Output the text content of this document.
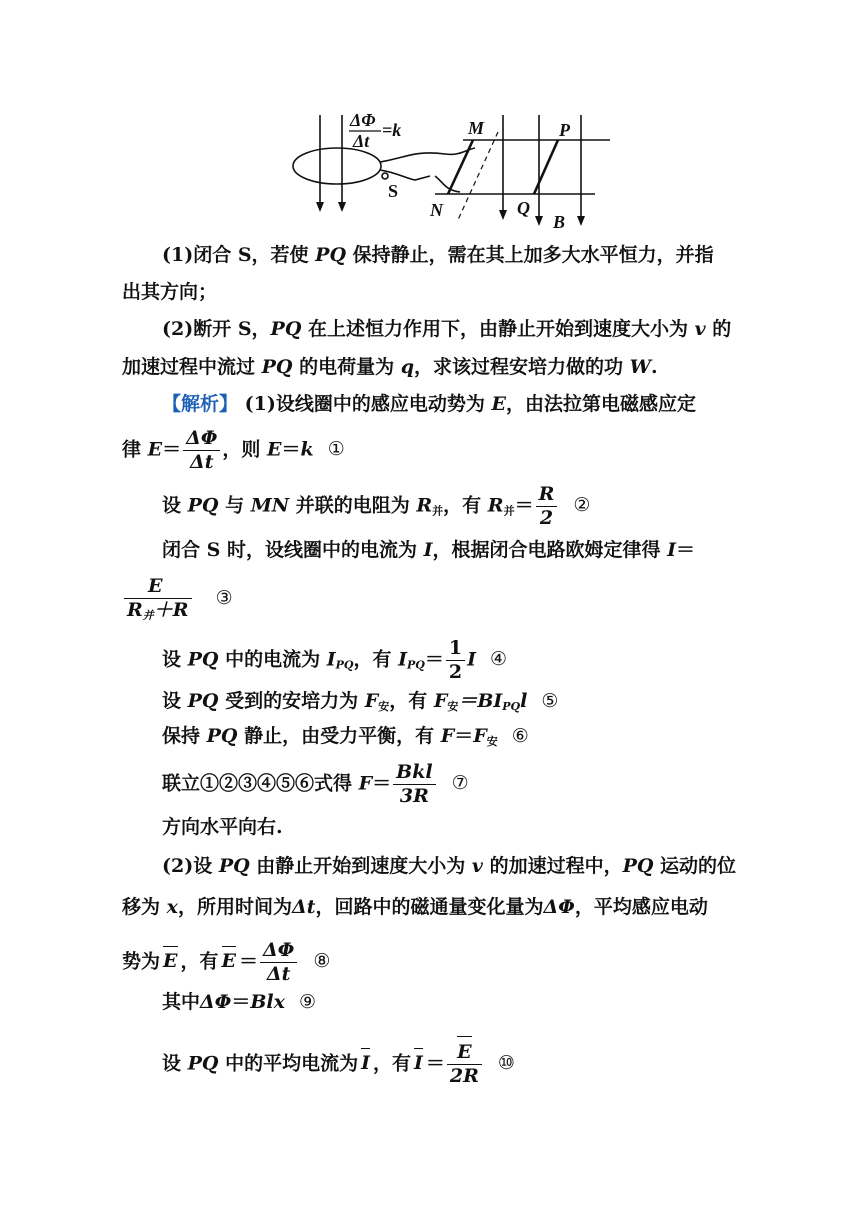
ΔΦ
Δt
=k	M	P
N	Q
B
S
(1)闭合 S，若使 PQ 保持静止，需在其上加多大水平恒力，并指
出其方向；
(2)断开 S，PQ 在上述恒力作用下，由静止开始到速度大小为 v 的
加速过程中流过 PQ 的电荷量为 q，求该过程安培力做的功 W.
【解析】 (1)设线圈中的感应电动势为 E，由法拉第电磁感应定
律 $E= \frac{\Delta\Phi}{\Delta t}$ ，则 E＝k ①
设 PQ 与 MN 并联的电阻为 $R_并$，有 $R_并= \frac{R}{2}$ ②
闭合 S 时，设线圈中的电流为 I，根据闭合电路欧姆定律得 I＝
$\frac{E}{R_并+R}$ ③
设 PQ 中的电流为 $I_{PQ}$，有 $I_{PQ}= \frac{1}{2}$ I ④
设 PQ 受到的安培力为 $F_安$，有 $F_安=BI_{PQ}l$ ⑤
保持 PQ 静止，由受力平衡，有 $F=F_安$ ⑥
联立①②③④⑤⑥式得 $F= \frac{\text{Bkl}}{3R}$ ⑦
方向水平向右.
(2)设 PQ 由静止开始到速度大小为 v 的加速过程中，PQ 运动的位
移为 x，所用时间为Δt，回路中的磁通量变化量为ΔΦ，平均感应电动
势为 E ，有 $E = \frac{\Delta\Phi}{\Delta t}$ ⑧
其中ΔΦ＝Blx ⑨
设 PQ 中的平均电流为 I ，有 $I = \frac{E}{2R}$ ⑩
